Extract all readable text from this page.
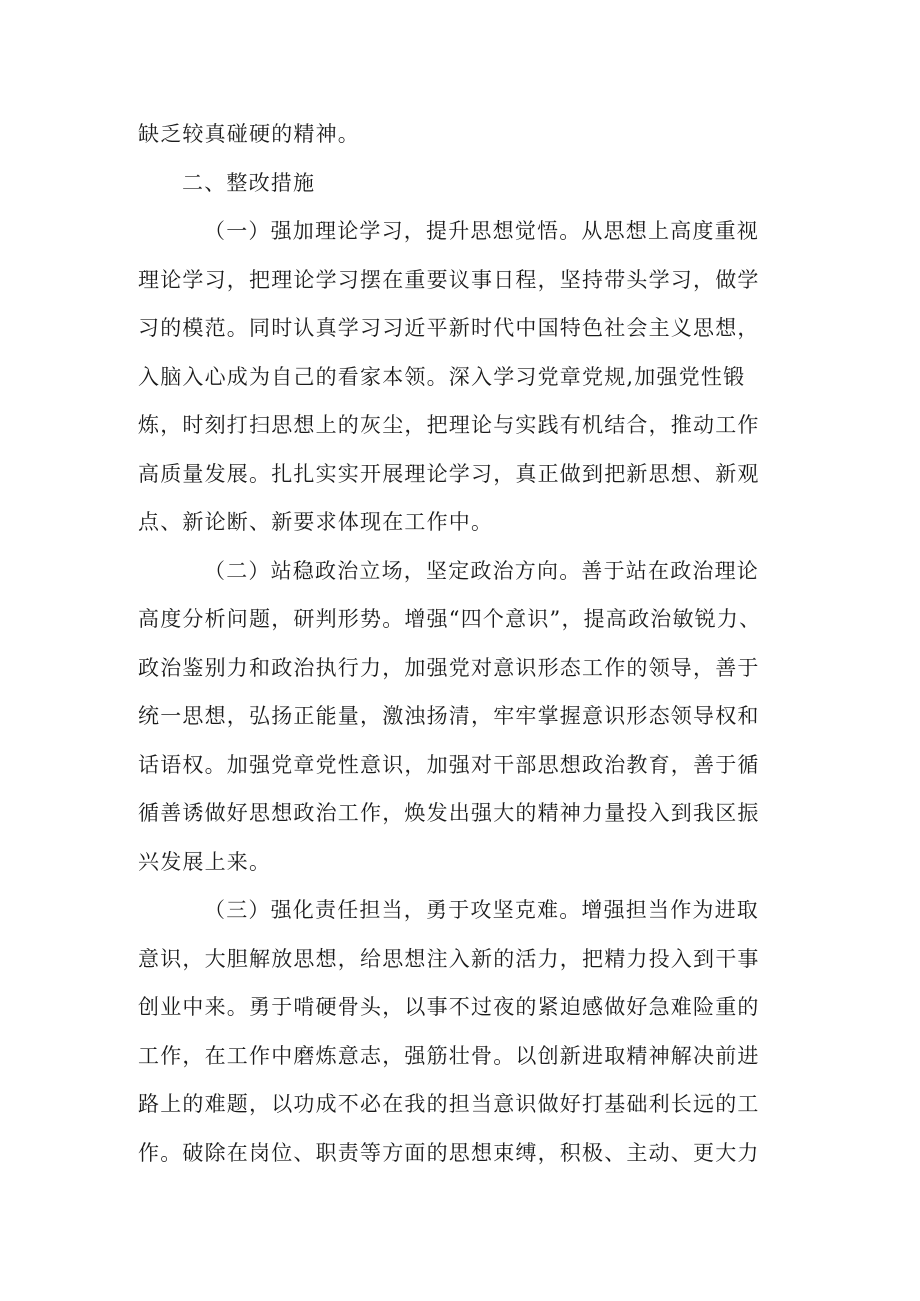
缺乏较真碰硬的精神。
二、整改措施
（一）强加理论学习，提升思想觉悟。从思想上高度重视
理论学习，把理论学习摆在重要议事日程，坚持带头学习，做学
习的模范。同时认真学习习近平新时代中国特色社会主义思想，
入脑入心成为自己的看家本领。深入学习党章党规,加强党性锻
炼，时刻打扫思想上的灰尘，把理论与实践有机结合，推动工作
高质量发展。扎扎实实开展理论学习，真正做到把新思想、新观
点、新论断、新要求体现在工作中。
（二）站稳政治立场，坚定政治方向。善于站在政治理论
高度分析问题，研判形势。增强“四个意识”，提高政治敏锐力、
政治鉴别力和政治执行力，加强党对意识形态工作的领导，善于
统一思想，弘扬正能量，激浊扬清，牢牢掌握意识形态领导权和
话语权。加强党章党性意识，加强对干部思想政治教育，善于循
循善诱做好思想政治工作，焕发出强大的精神力量投入到我区振
兴发展上来。
（三）强化责任担当，勇于攻坚克难。增强担当作为进取
意识，大胆解放思想，给思想注入新的活力，把精力投入到干事
创业中来。勇于啃硬骨头，以事不过夜的紧迫感做好急难险重的
工作，在工作中磨炼意志，强筋壮骨。以创新进取精神解决前进
路上的难题，以功成不必在我的担当意识做好打基础利长远的工
作。破除在岗位、职责等方面的思想束缚，积极、主动、更大力
